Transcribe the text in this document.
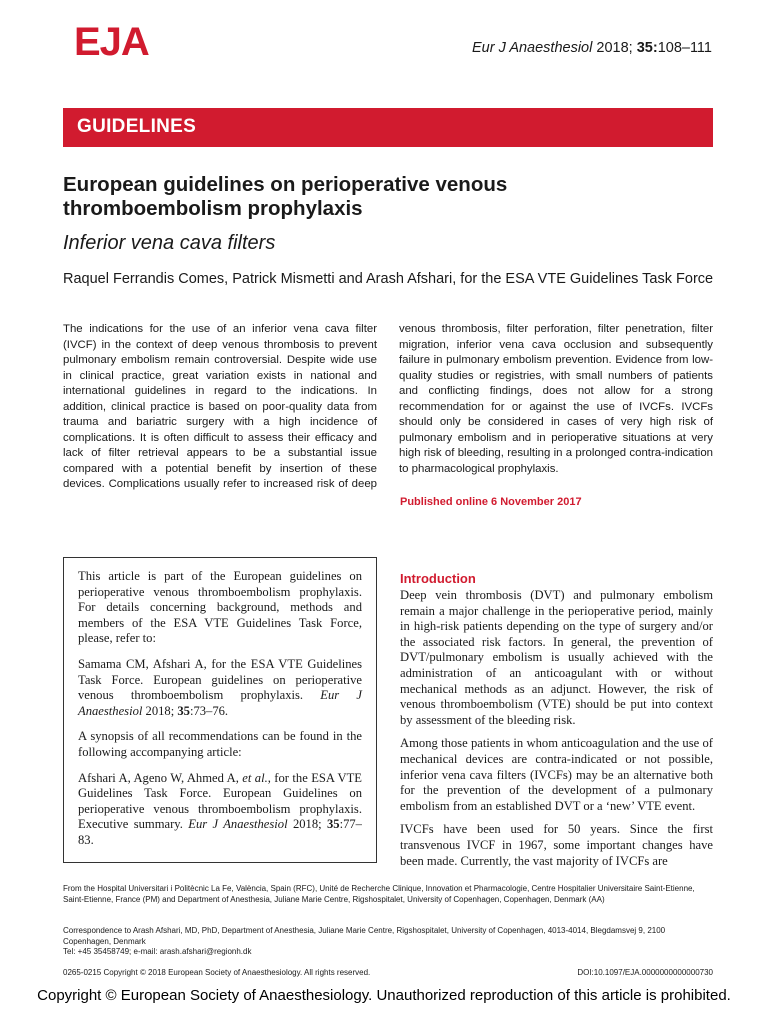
EJA	Eur J Anaesthesiol 2018; 35:108–111
GUIDELINES
European guidelines on perioperative venous
thromboembolism prophylaxis
Inferior vena cava filters
Raquel Ferrandis Comes, Patrick Mismetti and Arash Afshari, for the ESA VTE Guidelines Task Force
The indications for the use of an inferior vena cava filter (IVCF) in the context of deep venous thrombosis to prevent pulmonary embolism remain controversial. Despite wide use in clinical practice, great variation exists in national and international guidelines in regard to the indications. In addition, clinical practice is based on poor-quality data from trauma and bariatric surgery with a high incidence of complications. It is often difficult to assess their efficacy and lack of filter retrieval appears to be a substantial issue compared with a potential benefit by insertion of these devices. Complications usually refer to increased risk of deep venous thrombosis, filter perforation, filter penetration, filter migration, inferior vena cava occlusion and subsequently failure in pulmonary embolism prevention. Evidence from low-quality studies or registries, with small numbers of patients and conflicting findings, does not allow for a strong recommendation for or against the use of IVCFs. IVCFs should only be considered in cases of very high risk of pulmonary embolism and in perioperative situations at very high risk of bleeding, resulting in a prolonged contra-indication to pharmacological prophylaxis.
Published online 6 November 2017

This article is part of the European guidelines on perioperative venous thromboembolism prophylaxis. For details concerning background, methods and members of the ESA VTE Guidelines Task Force, please, refer to:

Samama CM, Afshari A, for the ESA VTE Guidelines Task Force. European guidelines on perioperative venous thromboembolism prophylaxis. Eur J Anaesthesiol 2018; 35:73–76.

A synopsis of all recommendations can be found in the following accompanying article:

Afshari A, Ageno W, Ahmed A, et al., for the ESA VTE Guidelines Task Force. European Guidelines on perioperative venous thromboembolism prophylaxis. Executive summary. Eur J Anaesthesiol 2018; 35:77–83.

Introduction

Deep vein thrombosis (DVT) and pulmonary embolism remain a major challenge in the perioperative period, mainly in high-risk patients depending on the type of surgery and/or the associated risk factors. In general, the prevention of DVT/pulmonary embolism is usually achieved with the administration of an anticoagulant with or without mechanical methods as an adjunct. However, the risk of venous thromboembolism (VTE) should be put into context by assessment of the bleeding risk.

Among those patients in whom anticoagulation and the use of mechanical devices are contra-indicated or not possible, inferior vena cava filters (IVCFs) may be an alternative both for the prevention of the development of a pulmonary embolism from an established DVT or a ‘new’ VTE event.

IVCFs have been used for 50 years. Since the first transvenous IVCF in 1967, some important changes have been made. Currently, the vast majority of IVCFs are

From the Hospital Universitari i Politècnic La Fe, València, Spain (RFC), Unité de Recherche Clinique, Innovation et Pharmacologie, Centre Hospitalier Universitaire Saint-Etienne, Saint-Etienne, France (PM) and Department of Anesthesia, Juliane Marie Centre, Rigshospitalet, University of Copenhagen, Copenhagen, Denmark (AA)
Correspondence to Arash Afshari, MD, PhD, Department of Anesthesia, Juliane Marie Centre, Rigshospitalet, University of Copenhagen, 4013-4014, Blegdamsvej 9, 2100 Copenhagen, Denmark
Tel: +45 35458749; e-mail: arash.afshari@regionh.dk
0265-0215 Copyright © 2018 European Society of Anaesthesiology. All rights reserved.	DOI:10.1097/EJA.0000000000000730
Copyright © European Society of Anaesthesiology. Unauthorized reproduction of this article is prohibited.
